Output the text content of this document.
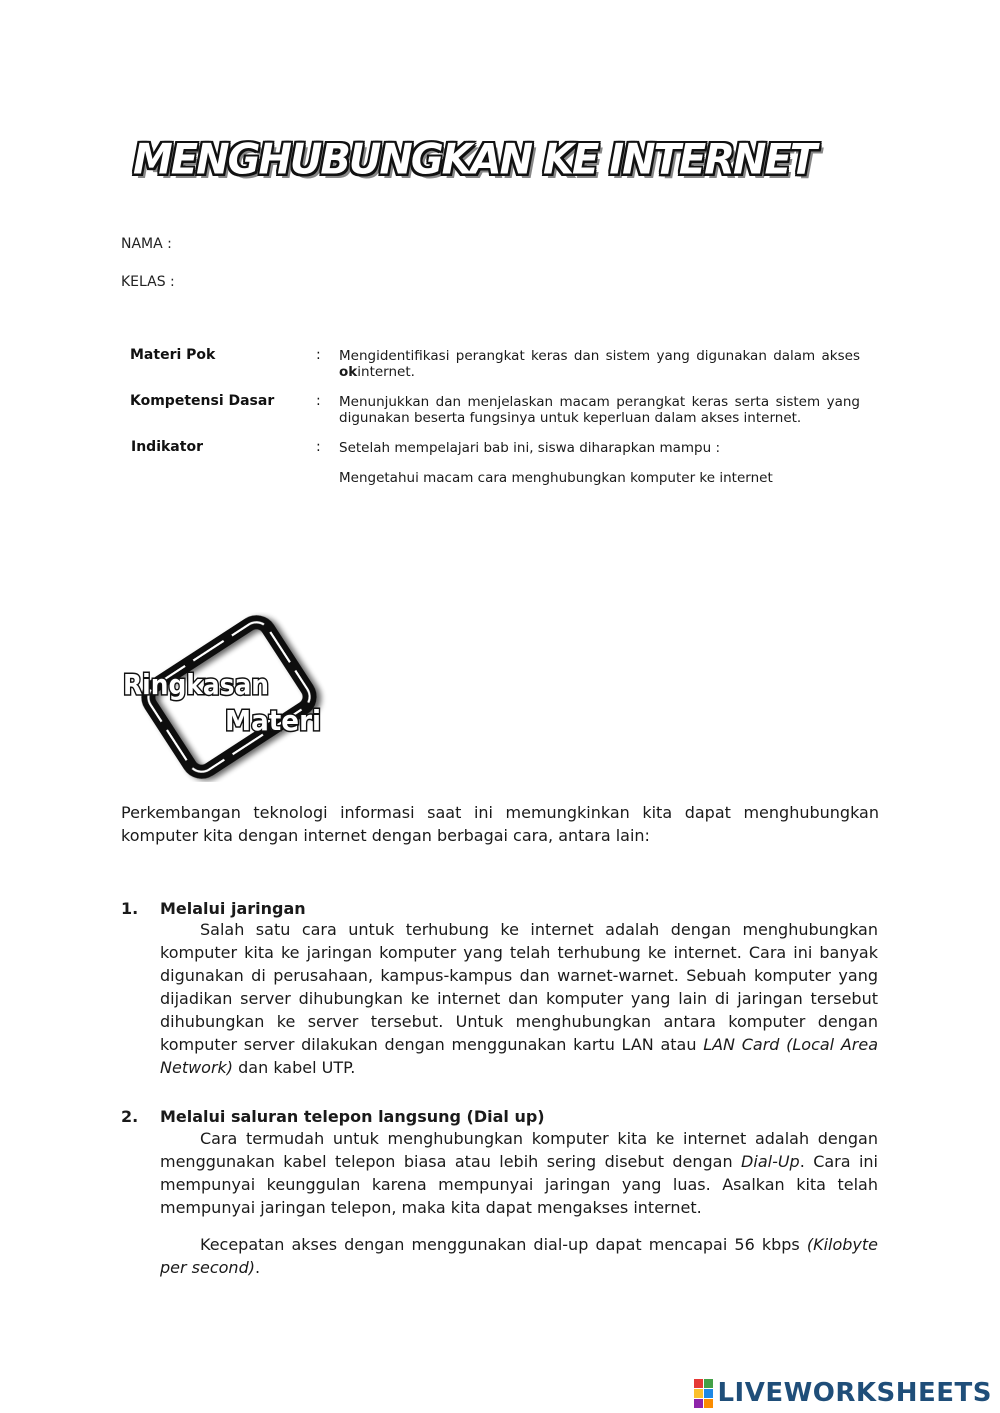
MENGHUBUNGKAN KE INTERNET
NAMA :
KELAS :
Materi Pok	: Mengidentifikasi perangkat keras dan sistem yang digunakan dalam akses okinternet.
Kompetensi Dasar	: Menunjukkan dan menjelaskan macam perangkat keras serta sistem yang digunakan beserta fungsinya untuk keperluan dalam akses internet.
Indikator	: Setelah mempelajari bab ini, siswa diharapkan mampu :
Mengetahui macam cara menghubungkan komputer ke internet
Ringkasan
Materi
Perkembangan teknologi informasi saat ini memungkinkan kita dapat menghubungkan komputer kita dengan internet dengan berbagai cara, antara lain:
1. Melalui jaringan
Salah satu cara untuk terhubung ke internet adalah dengan menghubungkan komputer kita ke jaringan komputer yang telah terhubung ke internet. Cara ini banyak digunakan di perusahaan, kampus-kampus dan warnet-warnet. Sebuah komputer yang dijadikan server dihubungkan ke internet dan komputer yang lain di jaringan tersebut dihubungkan ke server tersebut. Untuk menghubungkan antara komputer dengan komputer server dilakukan dengan menggunakan kartu LAN atau LAN Card (Local Area Network) dan kabel UTP.
2. Melalui saluran telepon langsung (Dial up)
Cara termudah untuk menghubungkan komputer kita ke internet adalah dengan menggunakan kabel telepon biasa atau lebih sering disebut dengan Dial-Up. Cara ini mempunyai keunggulan karena mempunyai jaringan yang luas. Asalkan kita telah mempunyai jaringan telepon, maka kita dapat mengakses internet.
Kecepatan akses dengan menggunakan dial-up dapat mencapai 56 kbps (Kilobyte per second).
LIVEWORKSHEETS
